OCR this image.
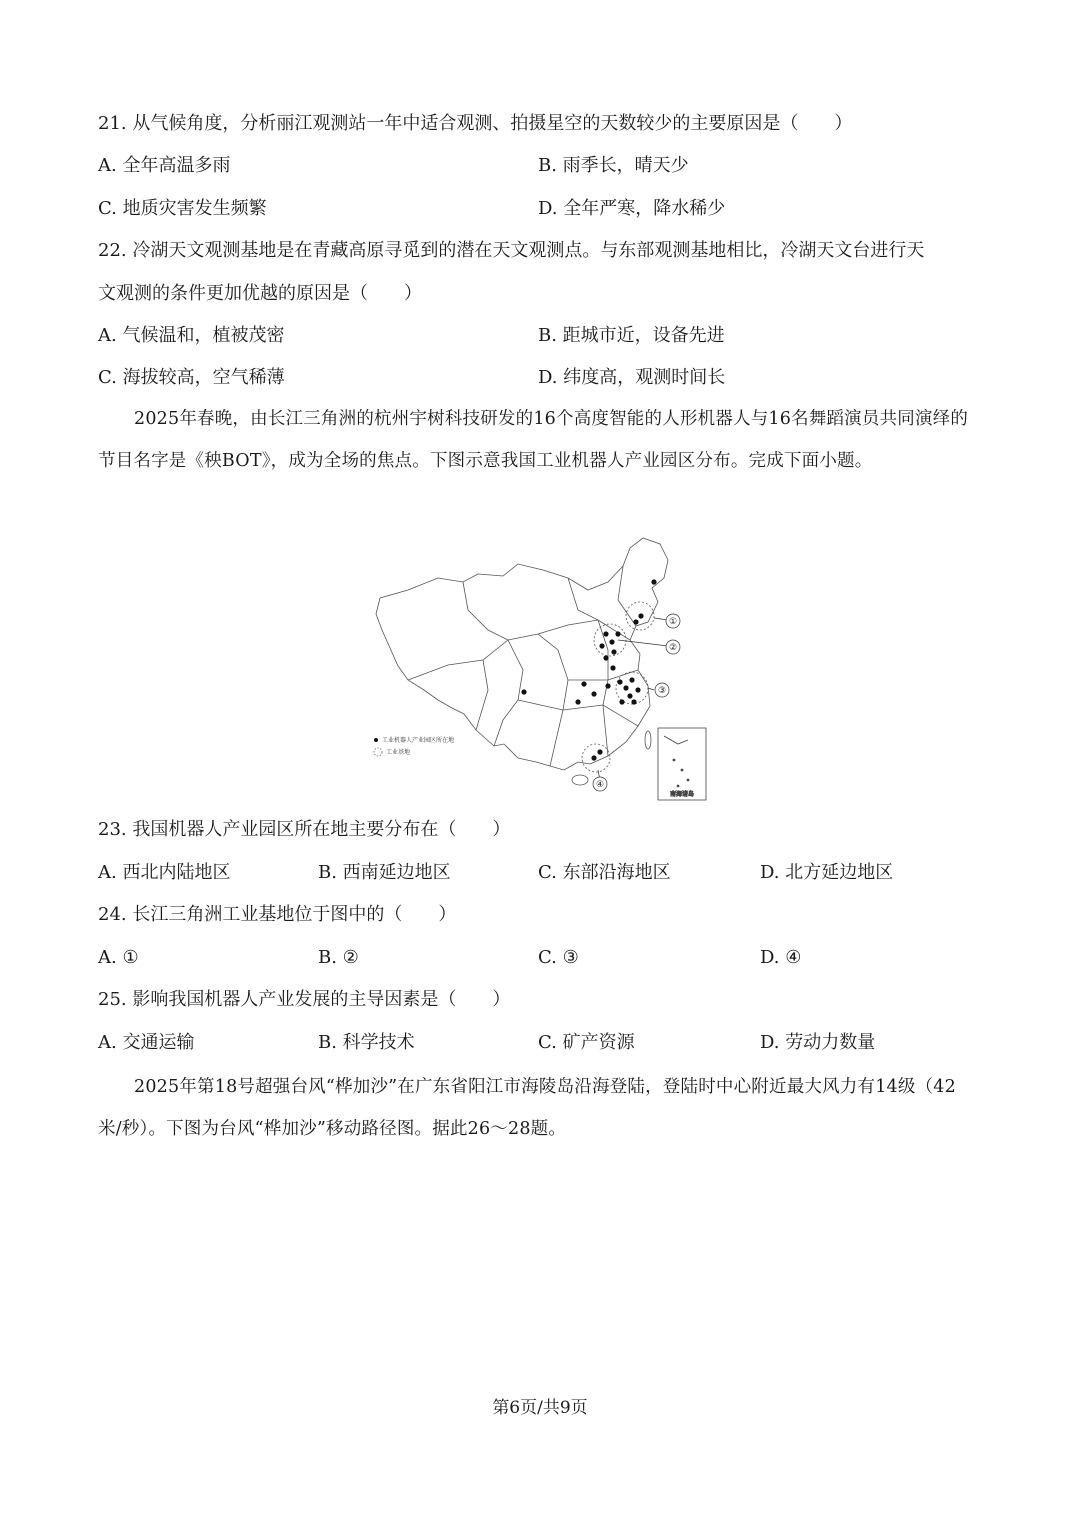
21. 从气候角度，分析丽江观测站一年中适合观测、拍摄星空的天数较少的主要原因是（　　）
A. 全年高温多雨	B. 雨季长，晴天少
C. 地质灾害发生频繁	D. 全年严寒，降水稀少
22. 冷湖天文观测基地是在青藏高原寻觅到的潜在天文观测点。与东部观测基地相比，冷湖天文台进行天
文观测的条件更加优越的原因是（　　）
A. 气候温和，植被茂密	B. 距城市近，设备先进
C. 海拔较高，空气稀薄	D. 纬度高，观测时间长
2025年春晚，由长江三角洲的杭州宇树科技研发的16个高度智能的人形机器人与16名舞蹈演员共同演绎的节目名字是《秧BOT》，成为全场的焦点。下图示意我国工业机器人产业园区分布。完成下面小题。
南海诸岛
①
②
③
④
工业机器人产业园区所在地
工业基地
23. 我国机器人产业园区所在地主要分布在（　　）
A. 西北内陆地区	B. 西南延边地区	C. 东部沿海地区	D. 北方延边地区
24. 长江三角洲工业基地位于图中的（　　）
A. ①	B. ②	C. ③	D. ④
25. 影响我国机器人产业发展的主导因素是（　　）
A. 交通运输	B. 科学技术	C. 矿产资源	D. 劳动力数量
2025年第18号超强台风“桦加沙”在广东省阳江市海陵岛沿海登陆，登陆时中心附近最大风力有14级（42米/秒）。下图为台风“桦加沙”移动路径图。据此26～28题。
第6页/共9页
